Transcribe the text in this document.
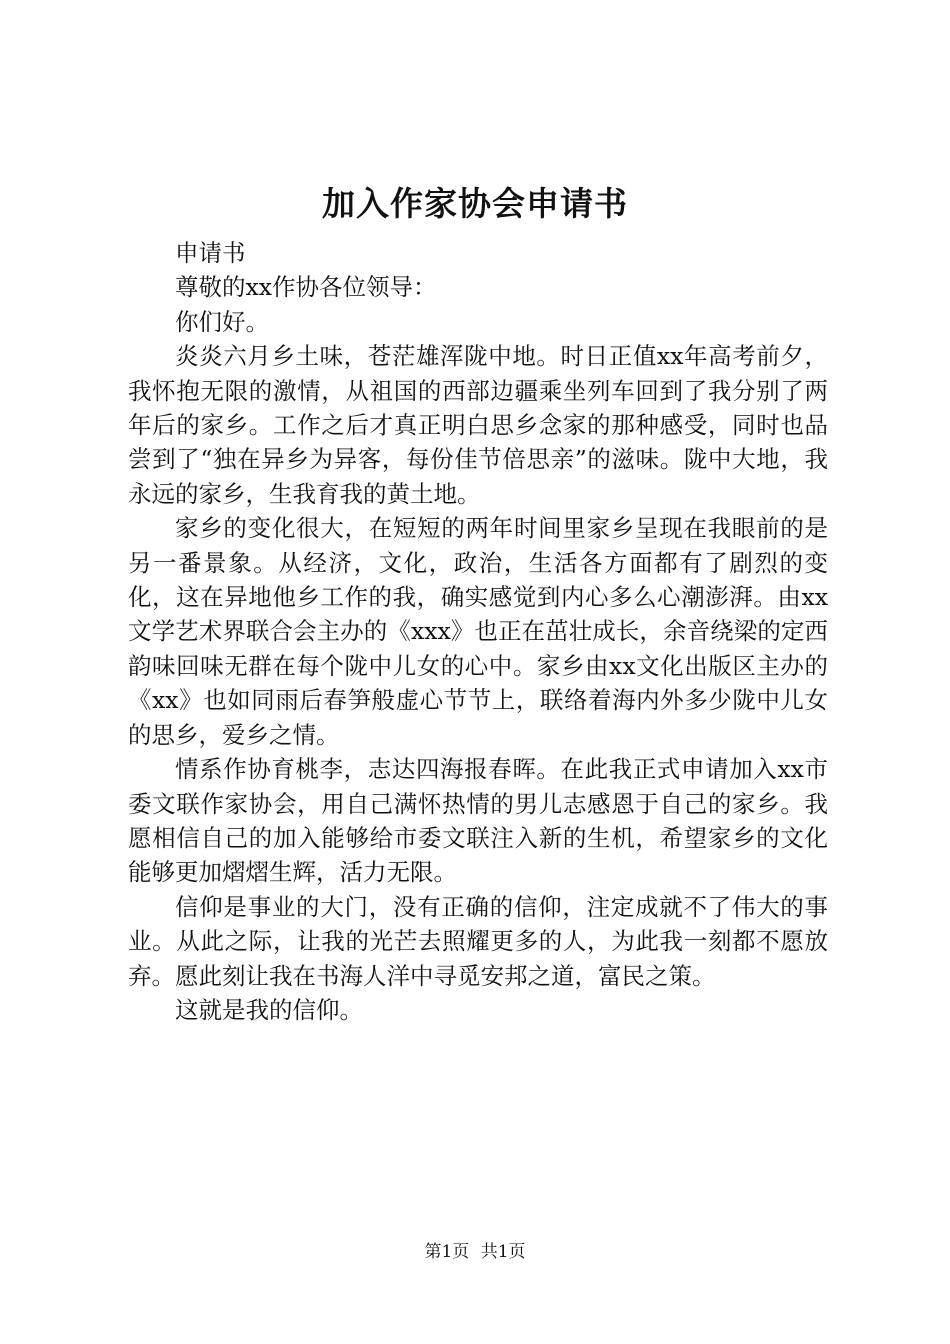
加入作家协会申请书

申请书

尊敬的xx作协各位领导：

你们好。

炎炎六月乡土味，苍茫雄浑陇中地。时日正值xx年高考前夕，我怀抱无限的激情，从祖国的西部边疆乘坐列车回到了我分别了两年后的家乡。工作之后才真正明白思乡念家的那种感受，同时也品尝到了“独在异乡为异客，每份佳节倍思亲”的滋味。陇中大地，我永远的家乡，生我育我的黄土地。

家乡的变化很大，在短短的两年时间里家乡呈现在我眼前的是另一番景象。从经济，文化，政治，生活各方面都有了剧烈的变化，这在异地他乡工作的我，确实感觉到内心多么心潮澎湃。由xx文学艺术界联合会主办的《xxx》也正在茁壮成长，余音绕梁的定西韵味回味无群在每个陇中儿女的心中。家乡由xx文化出版区主办的《xx》也如同雨后春笋般虚心节节上，联络着海内外多少陇中儿女的思乡，爱乡之情。

情系作协育桃李，志达四海报春晖。在此我正式申请加入xx市委文联作家协会，用自己满怀热情的男儿志感恩于自己的家乡。我愿相信自己的加入能够给市委文联注入新的生机，希望家乡的文化能够更加熠熠生辉，活力无限。

信仰是事业的大门，没有正确的信仰，注定成就不了伟大的事业。从此之际，让我的光芒去照耀更多的人，为此我一刻都不愿放弃。愿此刻让我在书海人洋中寻觅安邦之道，富民之策。

这就是我的信仰。

第1页 共1页
